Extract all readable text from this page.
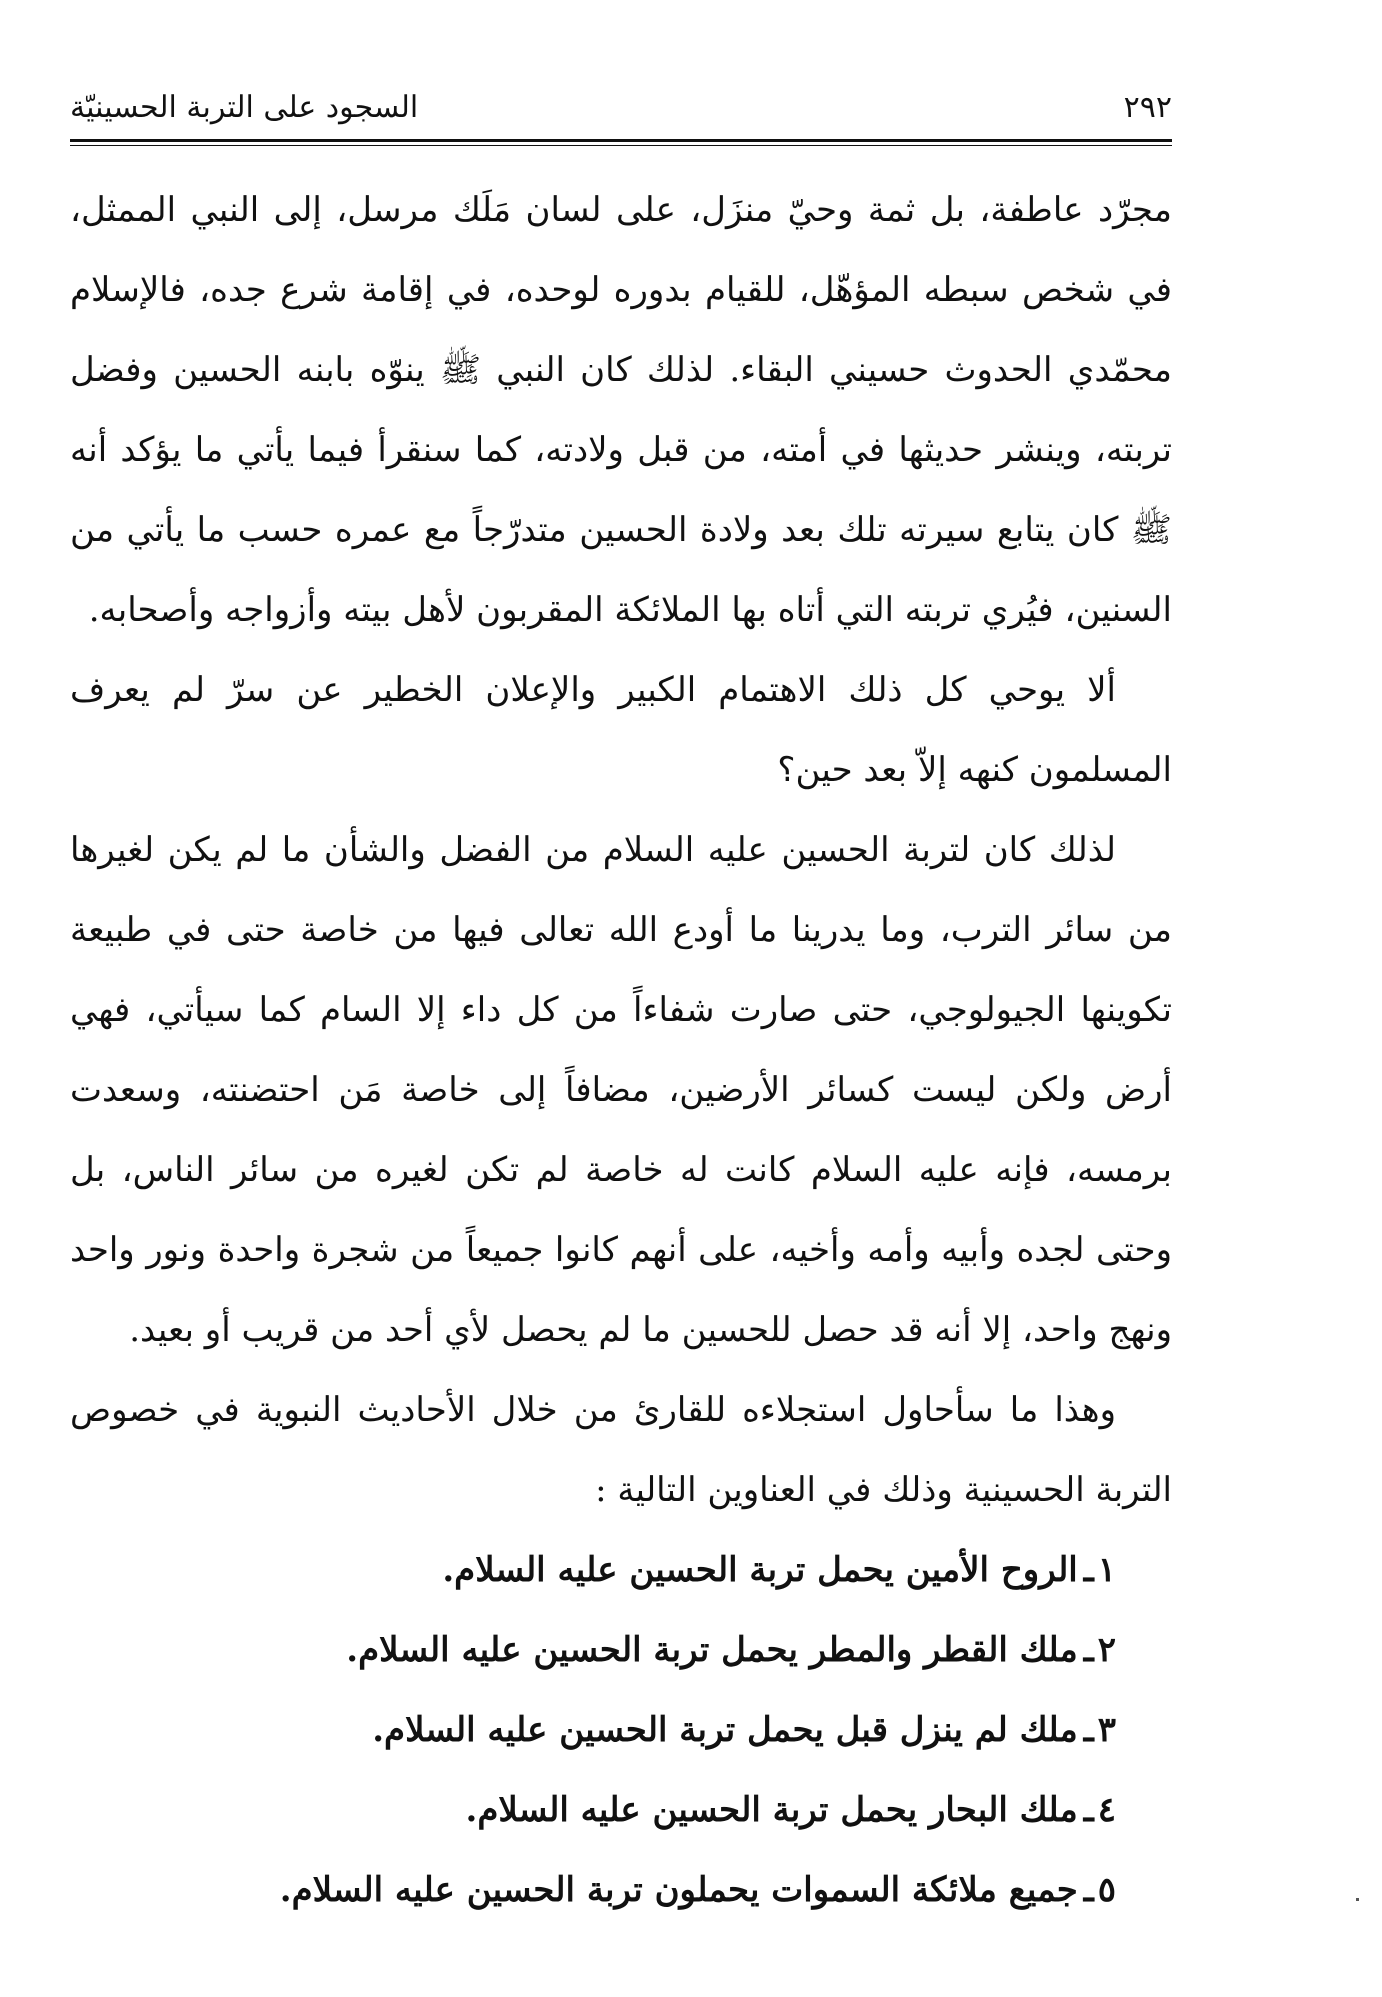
٢٩٢
السجود على التربة الحسينيّة

مجرّد عاطفة، بل ثمة وحيّ منزَل، على لسان مَلَك مرسل، إلى النبي الممثل، في شخص سبطه المؤهّل، للقيام بدوره لوحده، في إقامة شرع جده، فالإسلام محمّدي الحدوث حسيني البقاء. لذلك كان النبي ﷺ ينوّه بابنه الحسين وفضل تربته، وينشر حديثها في أمته، من قبل ولادته، كما سنقرأ فيما يأتي ما يؤكد أنه ﷺ كان يتابع سيرته تلك بعد ولادة الحسين متدرّجاً مع عمره حسب ما يأتي من السنين، فيُري تربته التي أتاه بها الملائكة المقربون لأهل بيته وأزواجه وأصحابه.

ألا يوحي كل ذلك الاهتمام الكبير والإعلان الخطير عن سرّ لم يعرف المسلمون كنهه إلاّ بعد حين؟

لذلك كان لتربة الحسين عليه السلام من الفضل والشأن ما لم يكن لغيرها من سائر الترب، وما يدرينا ما أودع الله تعالى فيها من خاصة حتى في طبيعة تكوينها الجيولوجي، حتى صارت شفاءاً من كل داء إلا السام كما سيأتي، فهي أرض ولكن ليست كسائر الأرضين، مضافاً إلى خاصة مَن احتضنته، وسعدت برمسه، فإنه عليه السلام كانت له خاصة لم تكن لغيره من سائر الناس، بل وحتى لجده وأبيه وأمه وأخيه، على أنهم كانوا جميعاً من شجرة واحدة ونور واحد ونهج واحد، إلا أنه قد حصل للحسين ما لم يحصل لأي أحد من قريب أو بعيد.

وهذا ما سأحاول استجلاءه للقارئ من خلال الأحاديث النبوية في خصوص التربة الحسينية وذلك في العناوين التالية :

١ـالروح الأمين يحمل تربة الحسين عليه السلام.
٢ـملك القطر والمطر يحمل تربة الحسين عليه السلام.
٣ـملك لم ينزل قبل يحمل تربة الحسين عليه السلام.
٤ـملك البحار يحمل تربة الحسين عليه السلام.
٥ـجميع ملائكة السموات يحملون تربة الحسين عليه السلام.
